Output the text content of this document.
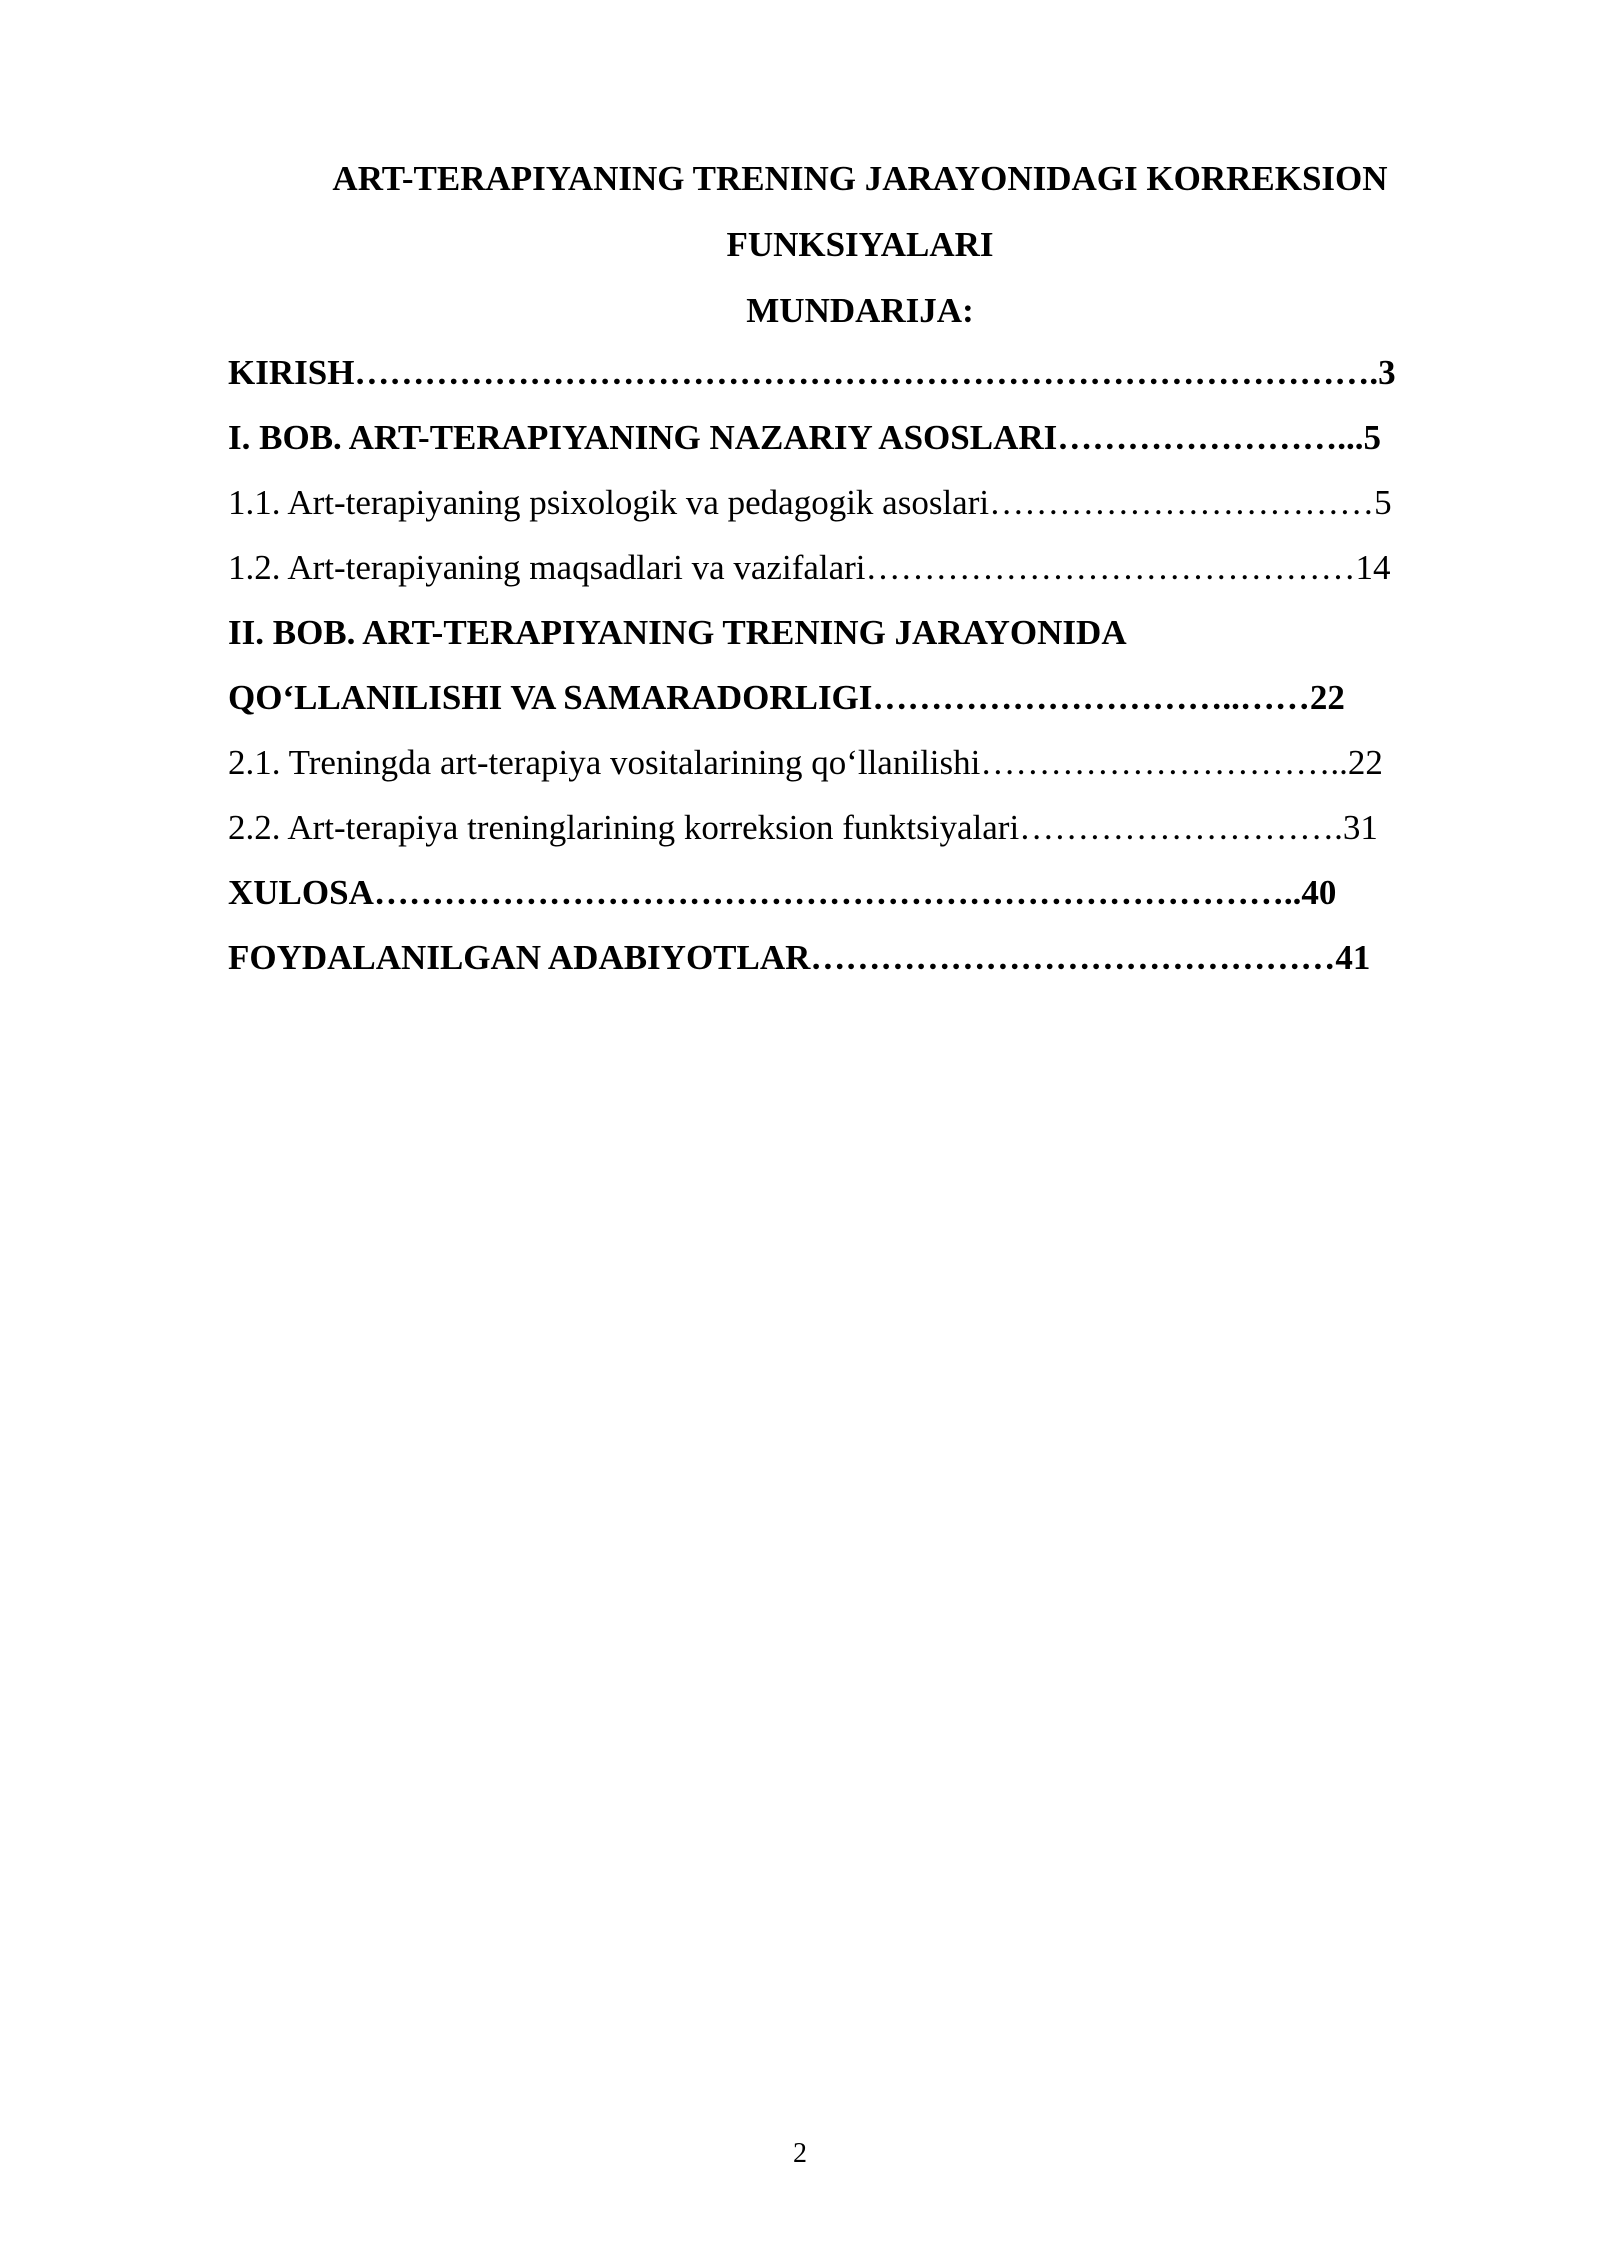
ART-TERAPIYANING TRENING JARAYONIDAGI KORREKSION
FUNKSIYALARI
MUNDARIJA:
KIRISH…………………………………………………………………………….3
I. BOB. ART-TERAPIYANING NAZARIY ASOSLARI……………………...5
1.1. Art-terapiyaning psixologik va pedagogik asoslari……………………………5
1.2. Art-terapiyaning maqsadlari va vazifalari……………………………………14
II. BOB. ART-TERAPIYANING TRENING JARAYONIDA
QO‘LLANILISHI VA SAMARADORLIGI…………………………..……22
2.1. Treningda art-terapiya vositalarining qo‘llanilishi…………………………..22
2.2. Art-terapiya treninglarining korreksion funktsiyalari……………………….31
XULOSA……………………………………………………………………..40
FOYDALANILGAN ADABIYOTLAR………………………………………41
2
